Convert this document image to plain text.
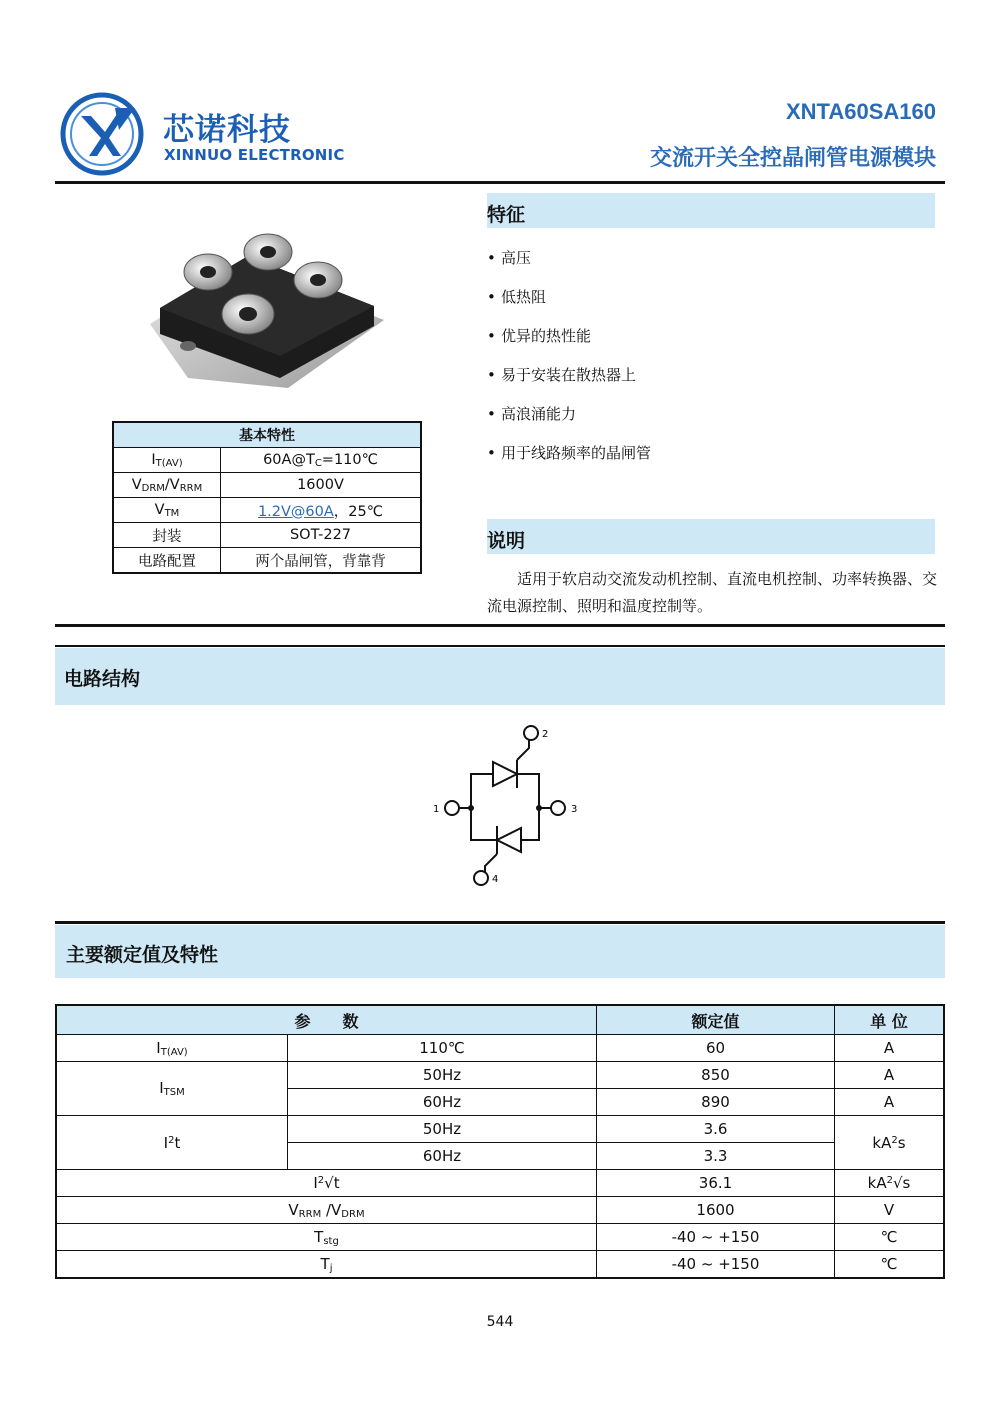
芯诺科技
XINNUO ELECTRONIC
XNTA60SA160
交流开关全控晶闸管电源模块
基本特性	
$I_{T(AV)}$	$60A@T_C=110℃$
$V_{DRM}/V_{RRM}$	1600V
$V_{TM}$	1.2V@60A，25℃
封装	SOT-227
电路配置	两个晶闸管，背靠背
特征
• 高压
• 低热阻
• 优异的热性能
• 易于安装在散热器上
• 高浪涌能力
• 用于线路频率的晶闸管
说明
适用于软启动交流发动机控制、直流电机控制、功率转换器、交流电源控制、照明和温度控制等。
电路结构
1
2
3
4
主要额定值及特性
参　　数		额定值	单 位
$I_{T(AV)}$	110℃	60	A
$I_{TSM}$	50Hz	850	A
	60Hz	890	A
$I^2t$	50Hz	3.6	$kA^2s$
	60Hz	3.3	
$I^2√t$		36.1	$kA^2√s$
$V_{RRM}$ $/V_{DRM}$		1600	V
$T_{stg}$		-40 ~ +150	℃
$T_j$		-40 ~ +150	℃
544
